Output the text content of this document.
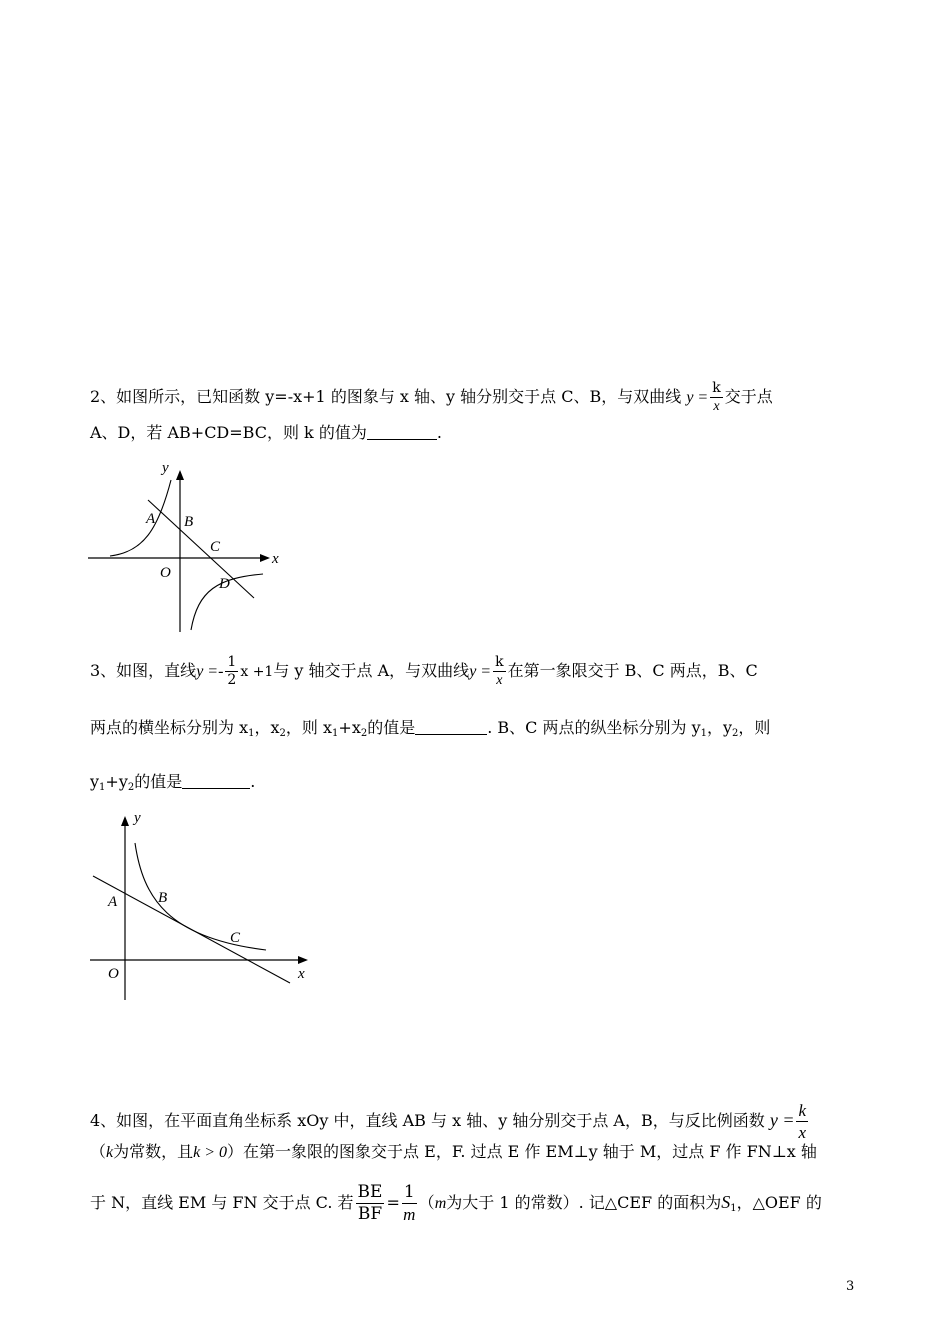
2、如图所示，已知函数 y=-x+1 的图象与 x 轴、y 轴分别交于点 C、B，与双曲线 $y = \frac{k}{x}$ 交于点
A、D，若 AB+CD=BC，则 k 的值为	.
y
x
A B
C
O
D
3、如图，直线$y =- \frac{1}{2}$ x +1与 y 轴交于点 A，与双曲线$y = \frac{k}{x}$ 在第一象限交于 B、C 两点，B、C
两点的横坐标分别为 $x_1$，$x_2$，则 $x_1+x_2$的值是	. B、C 两点的纵坐标分别为 $y_1$，$y_2$，则
$y_1+y_2$的值是	.
y
A	B
C
O	x
4、如图，在平面直角坐标系 xOy 中，直线 AB 与 x 轴、y 轴分别交于点 A，B，与反比例函数 $y = \frac{k}{x}$
（k为常数，且k > 0）在第一象限的图象交于点 E，F. 过点 E 作 EM⊥y 轴于 M，过点 F 作 FN⊥x 轴
于 N，直线 EM 与 FN 交于点 C. 若 $\frac{BE}{BF} = \frac{1}{m} (m$为大于 1 的常数）. 记△CEF 的面积为$S_1$，△OEF 的
3
